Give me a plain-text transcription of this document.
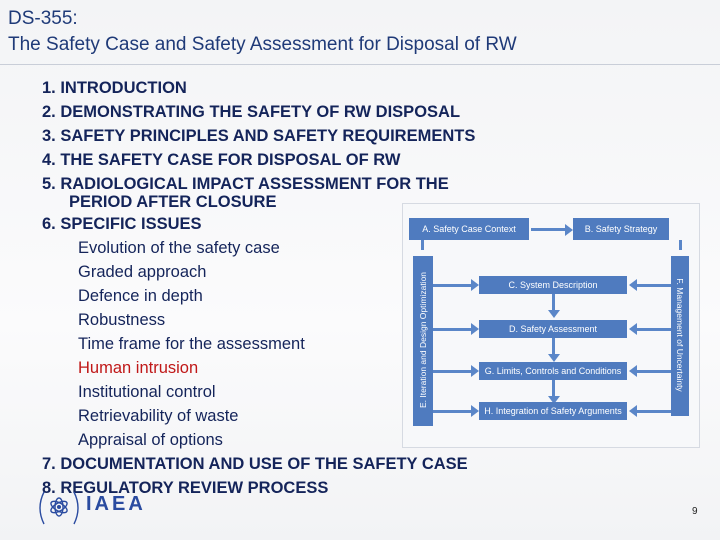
DS-355:
The Safety Case and Safety Assessment for Disposal of RW
1. INTRODUCTION
2. DEMONSTRATING THE SAFETY OF RW DISPOSAL
3. SAFETY PRINCIPLES AND SAFETY REQUIREMENTS
4. THE SAFETY CASE FOR DISPOSAL OF RW
5. RADIOLOGICAL IMPACT ASSESSMENT FOR THE
PERIOD AFTER CLOSURE
6. SPECIFIC ISSUES
Evolution of the safety case
Graded approach
Defence in depth
Robustness
Time frame for the assessment
Human intrusion
Institutional control
Retrievability of waste
Appraisal of options
7. DOCUMENTATION AND USE OF THE SAFETY CASE
8. REGULATORY REVIEW PROCESS
A. Safety Case Context	B. Safety Strategy
E. Iteration and Design Optimization	F. Management of Uncertainty
C. System Description
D. Safety Assessment
G. Limits, Controls and Conditions
H. Integration of Safety Arguments
IAEA	9
